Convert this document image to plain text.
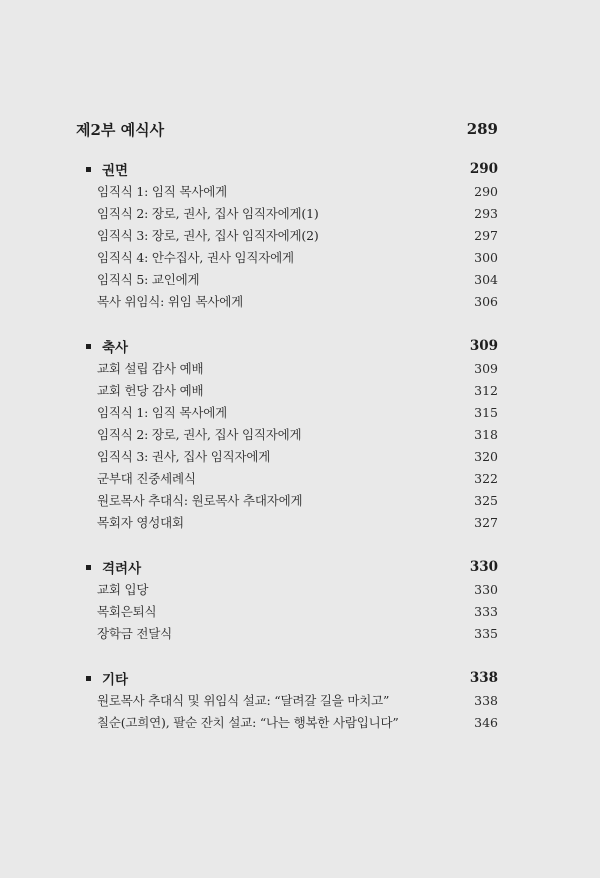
제2부 예식사	289
권면	290
임직식 1: 임직 목사에게	290
임직식 2: 장로, 권사, 집사 임직자에게(1)	293
임직식 3: 장로, 권사, 집사 임직자에게(2)	297
임직식 4: 안수집사, 권사 임직자에게	300
임직식 5: 교인에게	304
목사 위임식: 위임 목사에게	306
축사	309
교회 설립 감사 예배	309
교회 헌당 감사 예배	312
임직식 1: 임직 목사에게	315
임직식 2: 장로, 권사, 집사 임직자에게	318
임직식 3: 권사, 집사 임직자에게	320
군부대 진중세례식	322
원로목사 추대식: 원로목사 추대자에게	325
목회자 영성대회	327
격려사	330
교회 입당	330
목회은퇴식	333
장학금 전달식	335
기타	338
원로목사 추대식 및 위임식 설교: “달려갈 길을 마치고”	338
칠순(고희연), 팔순 잔치 설교: “나는 행복한 사람입니다”	346
